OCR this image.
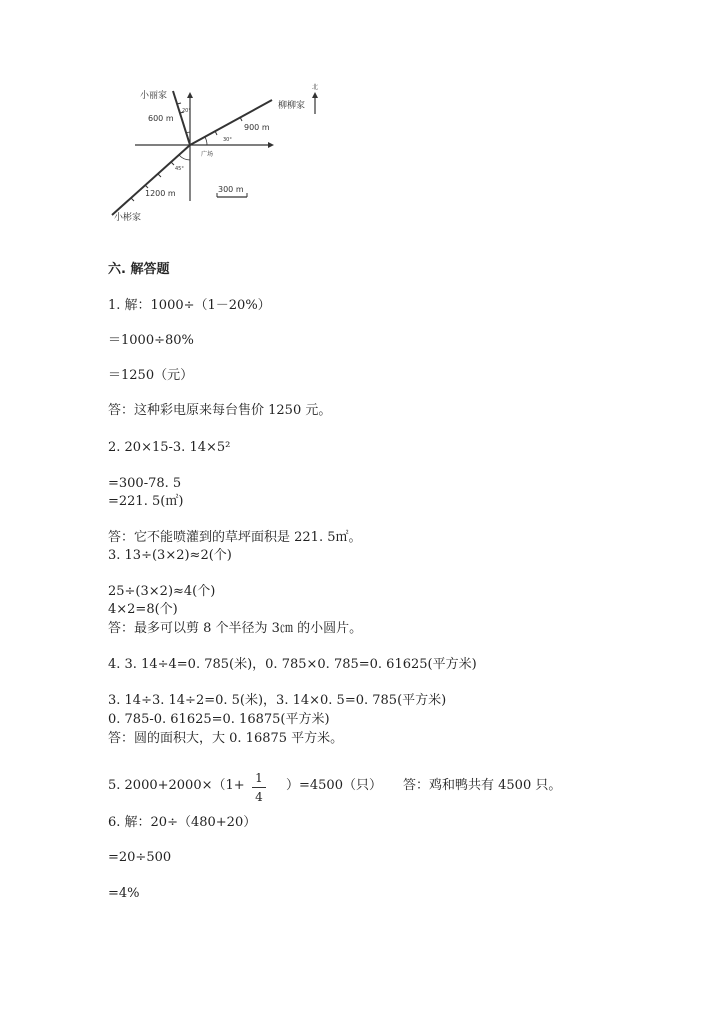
小丽家
柳柳家
小彬家
广场
北
600 m
900 m
1200 m
20°
30°
45°
300 m
六. 解答题
1. 解：1000÷（1－20%）
＝1000÷80%
＝1250（元）
答：这种彩电原来每台售价 1250 元。
2. 20×15-3. 14×5²
=300-78. 5
=221. 5(㎡)
答：它不能喷灌到的草坪面积是 221. 5㎡。
3. 13÷(3×2)≈2(个)
25÷(3×2)≈4(个)
4×2=8(个)
答：最多可以剪 8 个半径为 3㎝ 的小圆片。
4. 3. 14÷4=0. 785(米)，0. 785×0. 785=0. 61625(平方米)
3. 14÷3. 14÷2=0. 5(米)，3. 14×0. 5=0. 785(平方米)
0. 785-0. 61625=0. 16875(平方米)
答：圆的面积大，大 0. 16875 平方米。
5. 2000+2000×（1+ 1
4
）=4500（只） 答：鸡和鸭共有 4500 只。
6. 解：20÷（480+20）
=20÷500
=4%
